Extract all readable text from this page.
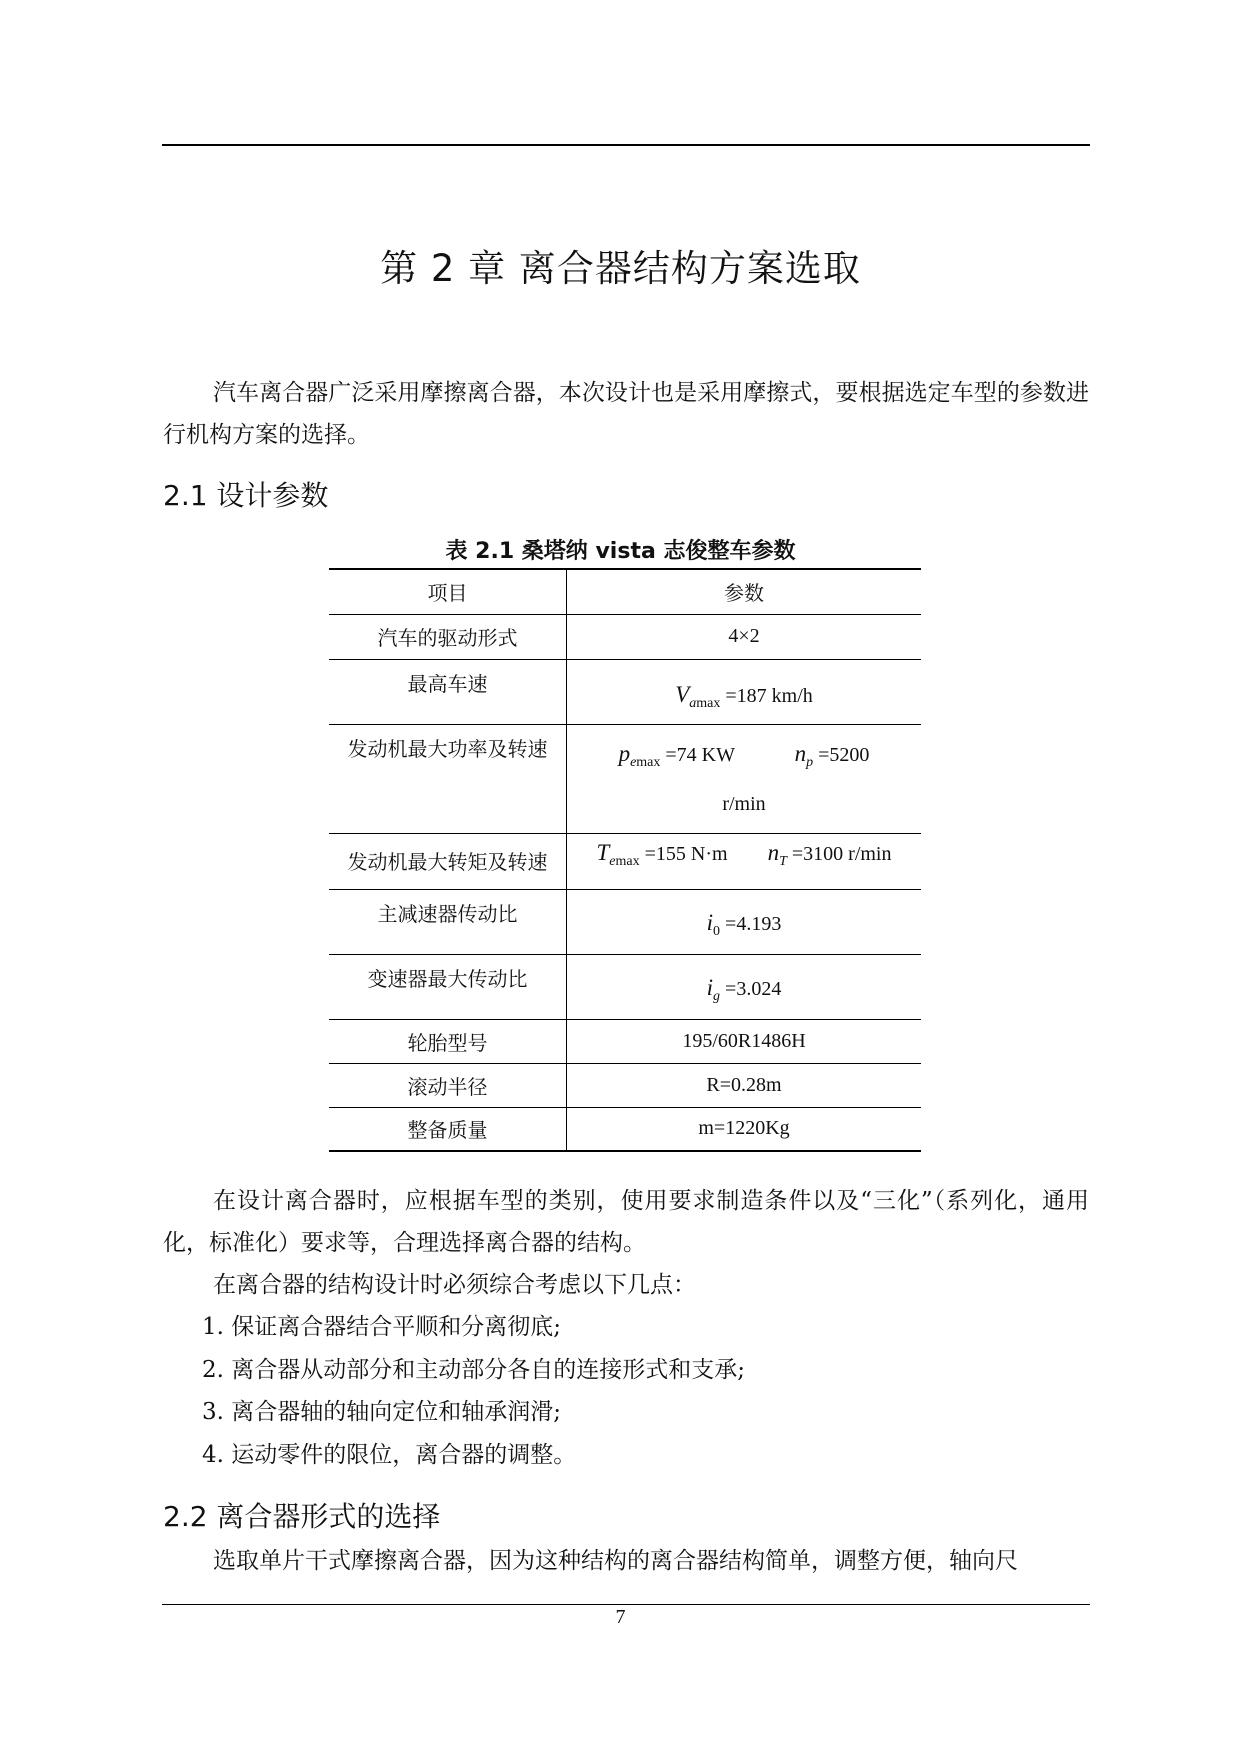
第 2 章 离合器结构方案选取

汽车离合器广泛采用摩擦离合器，本次设计也是采用摩擦式，要根据选定车型的参数进行机构方案的选择。

2.1 设计参数
表 2.1 桑塔纳 vista 志俊整车参数
项目	参数
汽车的驱动形式	4×2
最高车速	$V_{amax} =187$ km/h
发动机最大功率及转速	$p_{emax} =74$ KW $n_p =5200$
r/min

发动机最大转矩及转速	$T_{emax} =155$ N·m $n_T =3100$ r/min
主减速器传动比	$i_0 =4.193$
变速器最大传动比	$i_g =3.024$
轮胎型号	195/60R1486H
滚动半径	R=0.28m
整备质量	m=1220Kg

在设计离合器时，应根据车型的类别，使用要求制造条件以及“三化”（系列化，通用化，标准化）要求等，合理选择离合器的结构。

在离合器的结构设计时必须综合考虑以下几点：

1. 保证离合器结合平顺和分离彻底;

2. 离合器从动部分和主动部分各自的连接形式和支承;

3. 离合器轴的轴向定位和轴承润滑;

4. 运动零件的限位，离合器的调整。

2.2 离合器形式的选择

选取单片干式摩擦离合器，因为这种结构的离合器结构简单，调整方便，轴向尺

7
